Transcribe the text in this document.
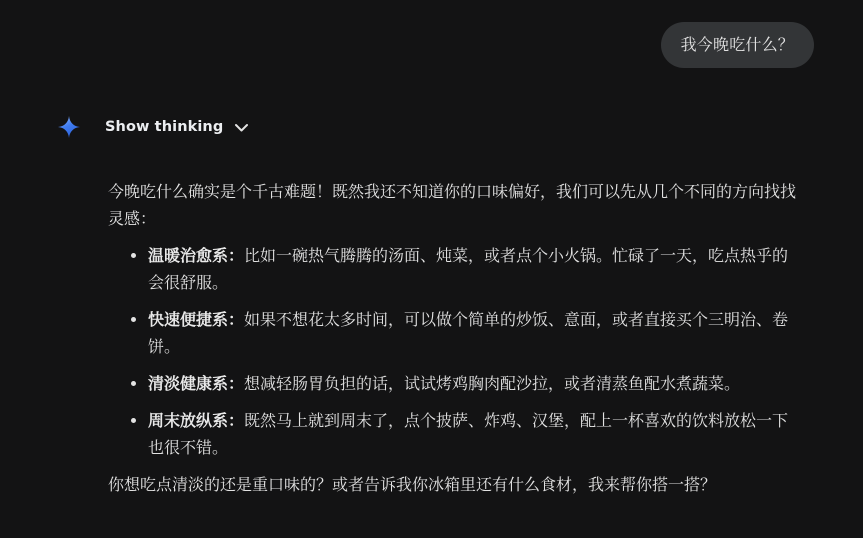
我今晚吃什么？
Show thinking

今晚吃什么确实是个千古难题！既然我还不知道你的口味偏好，我们可以先从几个不同的方向找找灵感：

• 温暖治愈系：比如一碗热气腾腾的汤面、炖菜，或者点个小火锅。忙碌了一天，吃点热乎的会很舒服。
• 快速便捷系：如果不想花太多时间，可以做个简单的炒饭、意面，或者直接买个三明治、卷饼。
• 清淡健康系：想减轻肠胃负担的话，试试烤鸡胸肉配沙拉，或者清蒸鱼配水煮蔬菜。
• 周末放纵系：既然马上就到周末了，点个披萨、炸鸡、汉堡，配上一杯喜欢的饮料放松一下也很不错。

你想吃点清淡的还是重口味的？或者告诉我你冰箱里还有什么食材，我来帮你搭一搭？
